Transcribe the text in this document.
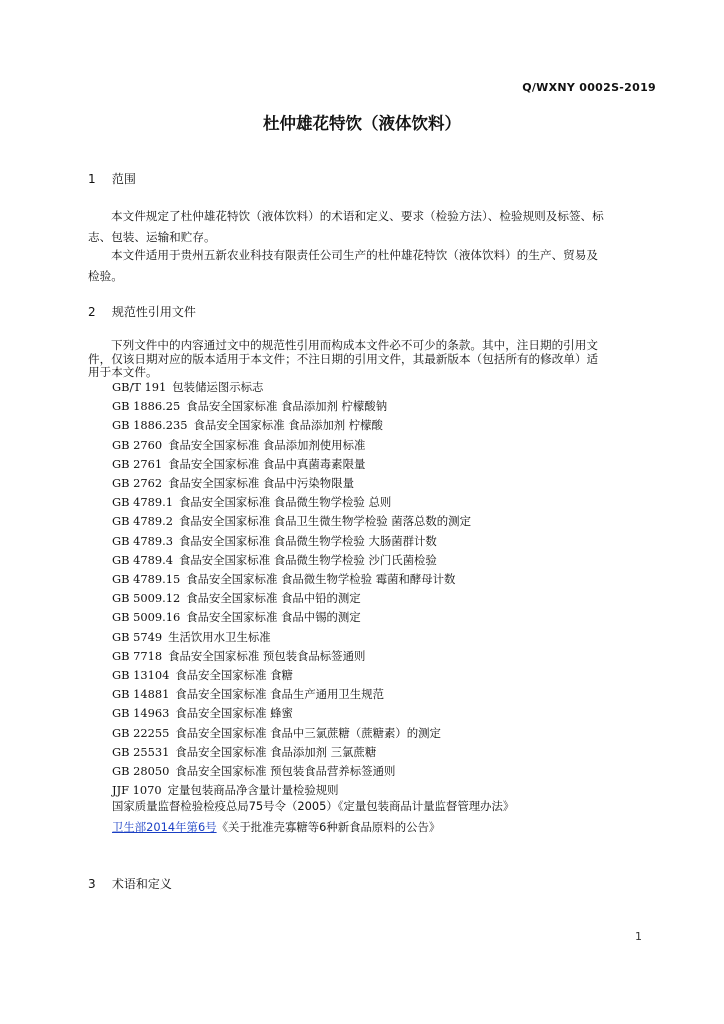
Q/WXNY 0002S-2019
杜仲雄花特饮（液体饮料）
1 范围
本文件规定了杜仲雄花特饮（液体饮料）的术语和定义、要求（检验方法）、检验规则及标签、标
志、包装、运输和贮存。
本文件适用于贵州五新农业科技有限责任公司生产的杜仲雄花特饮（液体饮料）的生产、贸易及
检验。
2 规范性引用文件
下列文件中的内容通过文中的规范性引用而构成本文件必不可少的条款。其中，注日期的引用文
件，仅该日期对应的版本适用于本文件；不注日期的引用文件，其最新版本（包括所有的修改单）适
用于本文件。
GB/T 191 包装储运图示标志
GB 1886.25 食品安全国家标准 食品添加剂 柠檬酸钠
GB 1886.235 食品安全国家标准 食品添加剂 柠檬酸
GB 2760 食品安全国家标准 食品添加剂使用标准
GB 2761 食品安全国家标准 食品中真菌毒素限量
GB 2762 食品安全国家标准 食品中污染物限量
GB 4789.1 食品安全国家标准 食品微生物学检验 总则
GB 4789.2 食品安全国家标准 食品卫生微生物学检验 菌落总数的测定
GB 4789.3 食品安全国家标准 食品微生物学检验 大肠菌群计数
GB 4789.4 食品安全国家标准 食品微生物学检验 沙门氏菌检验
GB 4789.15 食品安全国家标准 食品微生物学检验 霉菌和酵母计数
GB 5009.12 食品安全国家标准 食品中铅的测定
GB 5009.16 食品安全国家标准 食品中锡的测定
GB 5749 生活饮用水卫生标准
GB 7718 食品安全国家标准 预包装食品标签通则
GB 13104 食品安全国家标准 食糖
GB 14881 食品安全国家标准 食品生产通用卫生规范
GB 14963 食品安全国家标准 蜂蜜
GB 22255 食品安全国家标准 食品中三氯蔗糖（蔗糖素）的测定
GB 25531 食品安全国家标准 食品添加剂 三氯蔗糖
GB 28050 食品安全国家标准 预包装食品营养标签通则
JJF 1070 定量包装商品净含量计量检验规则
国家质量监督检验检疫总局75号令（2005）《定量包装商品计量监督管理办法》
卫生部2014年第6号《关于批准壳寡糖等6种新食品原料的公告》
3 术语和定义
1
